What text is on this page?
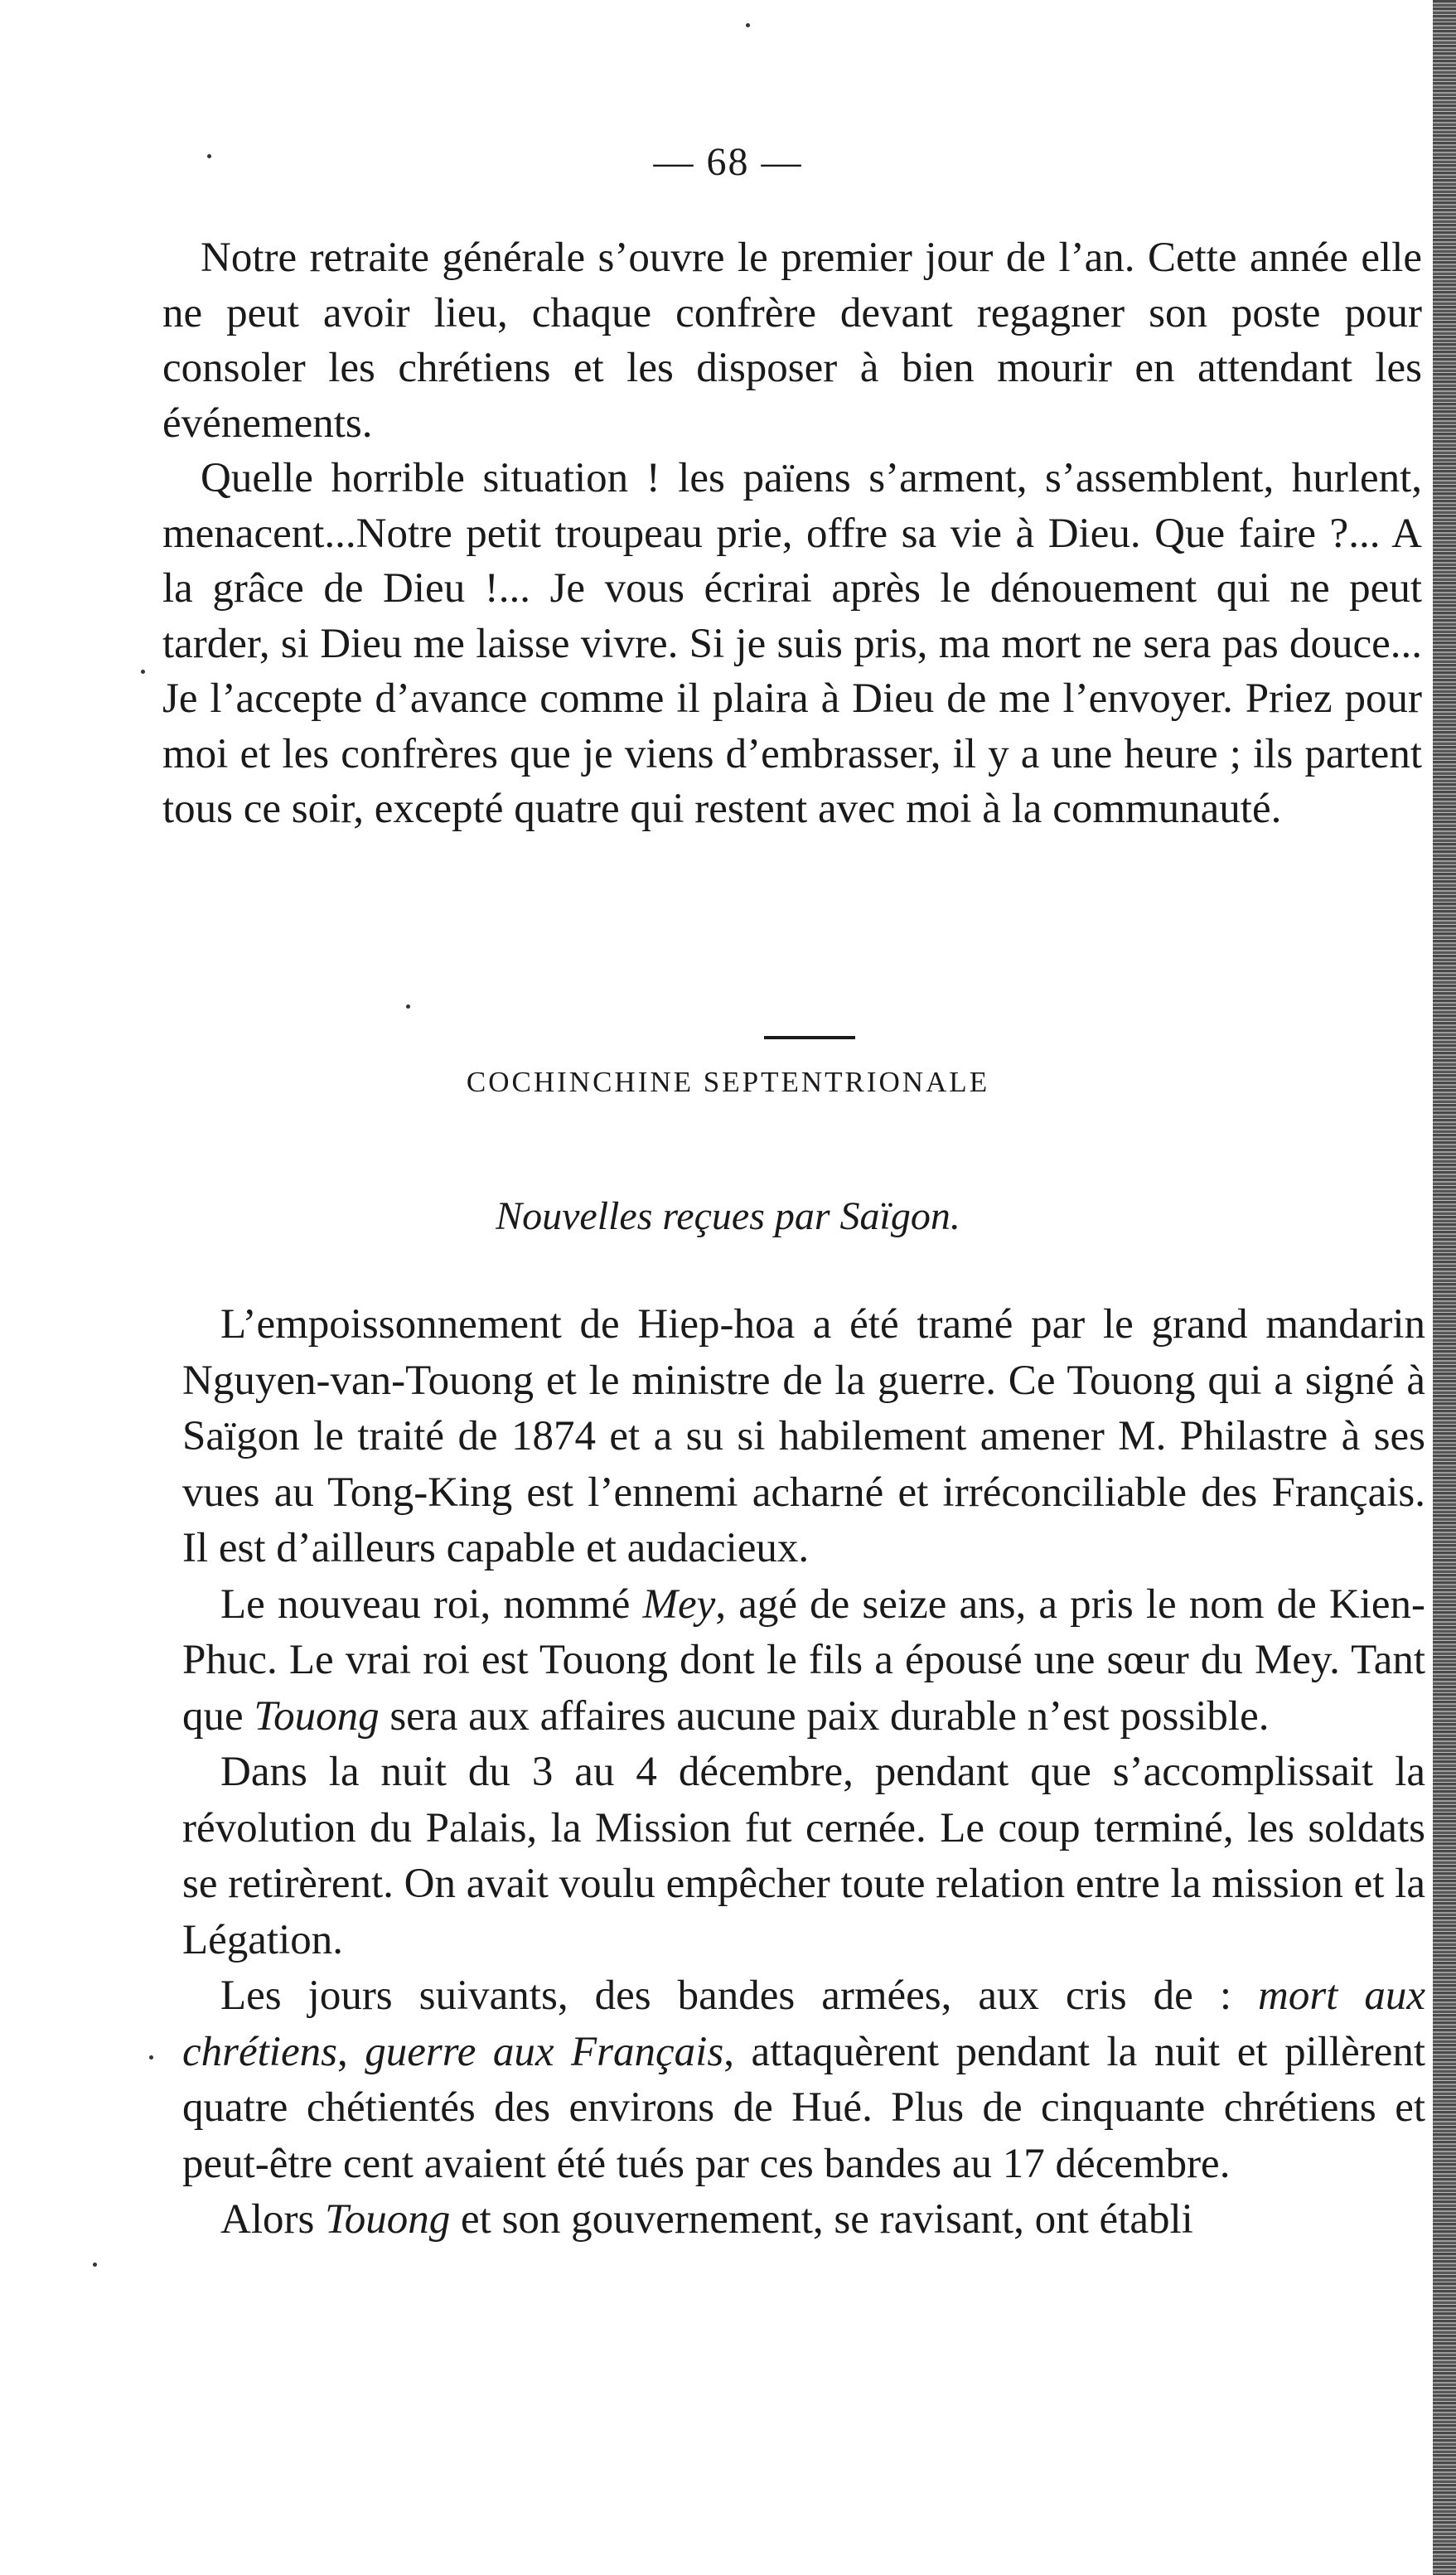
— 68 —

Notre retraite générale s’ouvre le premier jour de l’an. Cette année elle ne peut avoir lieu, chaque confrère devant regagner son poste pour consoler les chrétiens et les disposer à bien mourir en attendant les événements.

Quelle horrible situation ! les païens s’arment, s’assemblent, hurlent, menacent...Notre petit troupeau prie, offre sa vie à Dieu. Que faire ?... A la grâce de Dieu !... Je vous écrirai après le dénouement qui ne peut tarder, si Dieu me laisse vivre. Si je suis pris, ma mort ne sera pas douce... Je l’accepte d’avance comme il plaira à Dieu de me l’envoyer. Priez pour moi et les confrères que je viens d’embrasser, il y a une heure ; ils partent tous ce soir, excepté quatre qui restent avec moi à la communauté.

COCHINCHINE SEPTENTRIONALE
Nouvelles reçues par Saïgon.

L’empoissonnement de Hiep-hoa a été tramé par le grand mandarin Nguyen-van-Touong et le ministre de la guerre. Ce Touong qui a signé à Saïgon le traité de 1874 et a su si habilement amener M. Philastre à ses vues au Tong-King est l’ennemi acharné et irréconciliable des Français. Il est d’ailleurs capable et audacieux.

Le nouveau roi, nommé Mey, agé de seize ans, a pris le nom de Kien-Phuc. Le vrai roi est Touong dont le fils a épousé une sœur du Mey. Tant que Touong sera aux affaires aucune paix durable n’est possible.

Dans la nuit du 3 au 4 décembre, pendant que s’accomplissait la révolution du Palais, la Mission fut cernée. Le coup terminé, les soldats se retirèrent. On avait voulu empêcher toute relation entre la mission et la Légation.

Les jours suivants, des bandes armées, aux cris de : mort aux chrétiens, guerre aux Français, attaquèrent pendant la nuit et pillèrent quatre chétientés des environs de Hué. Plus de cinquante chrétiens et peut-être cent avaient été tués par ces bandes au 17 décembre.

Alors Touong et son gouvernement, se ravisant, ont établi
